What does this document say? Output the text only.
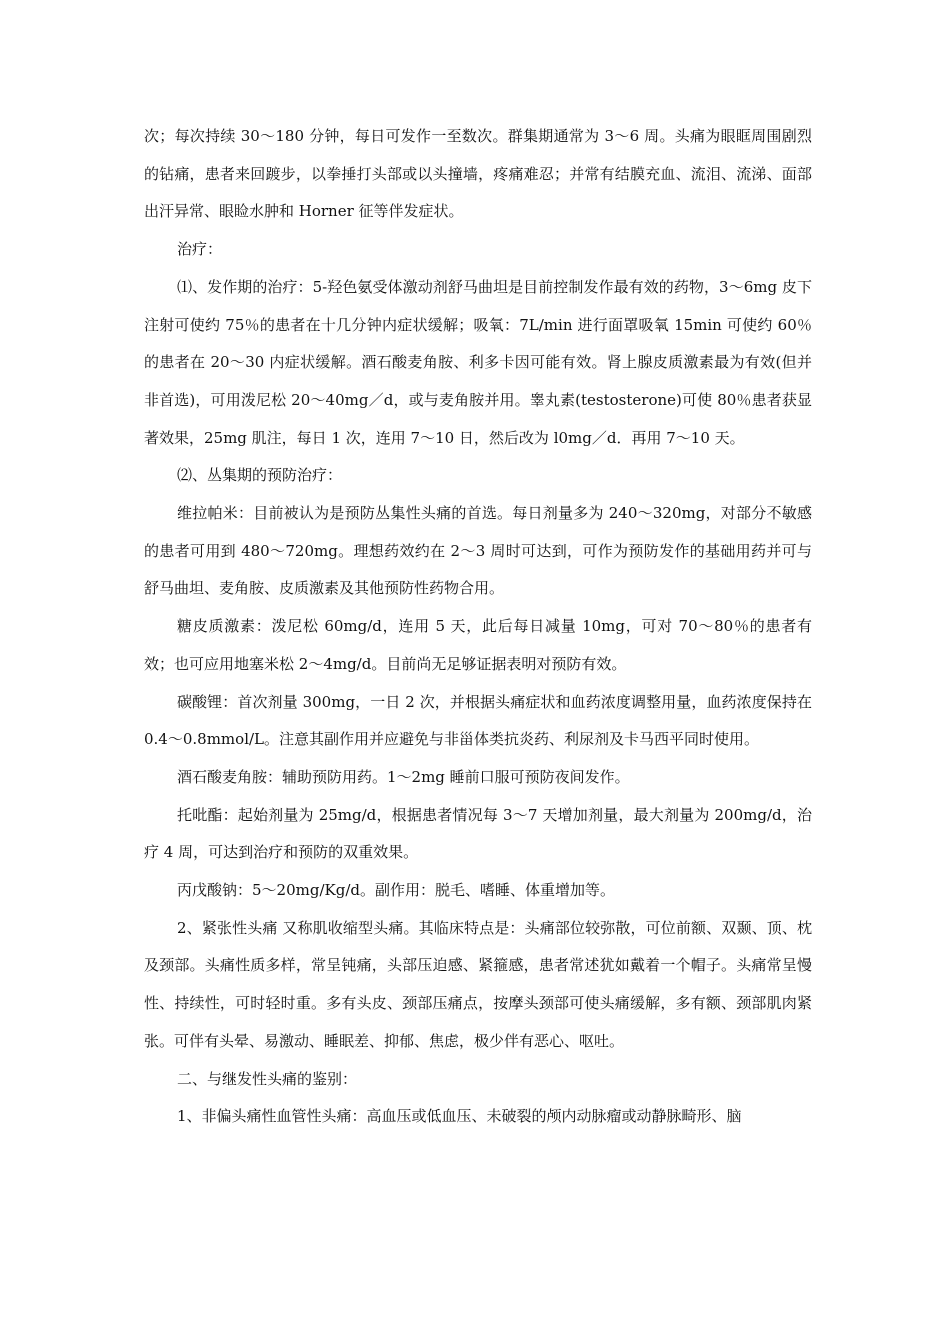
次；每次持续 30～180 分钟，每日可发作一至数次。群集期通常为 3～6 周。头痛为眼眶周围剧烈的钻痛，患者来回踱步，以拳捶打头部或以头撞墙，疼痛难忍；并常有结膜充血、流泪、流涕、面部出汗异常、眼睑水肿和 Horner 征等伴发症状。

治疗：

⑴、发作期的治疗：5-羟色氨受体激动剂舒马曲坦是目前控制发作最有效的药物，3～6mg 皮下注射可使约 75％的患者在十几分钟内症状缓解；吸氧：7L/min 进行面罩吸氧 15min 可使约 60％的患者在 20～30 内症状缓解。酒石酸麦角胺、利多卡因可能有效。肾上腺皮质激素最为有效(但并非首选)，可用泼尼松 20～40mg／d，或与麦角胺并用。睾丸素(testosterone)可使 80％患者获显著效果，25mg 肌注，每日 1 次，连用 7～10 日，然后改为 l0mg／d．再用 7～10 天。

⑵、丛集期的预防治疗：

维拉帕米：目前被认为是预防丛集性头痛的首选。每日剂量多为 240～320mg，对部分不敏感的患者可用到 480～720mg。理想药效约在 2～3 周时可达到，可作为预防发作的基础用药并可与舒马曲坦、麦角胺、皮质激素及其他预防性药物合用。

糖皮质激素：泼尼松 60mg/d，连用 5 天，此后每日减量 10mg，可对 70～80％的患者有效；也可应用地塞米松 2～4mg/d。目前尚无足够证据表明对预防有效。

碳酸锂：首次剂量 300mg，一日 2 次，并根据头痛症状和血药浓度调整用量，血药浓度保持在 0.4～0.8mmol/L。注意其副作用并应避免与非甾体类抗炎药、利尿剂及卡马西平同时使用。

酒石酸麦角胺：辅助预防用药。1～2mg 睡前口服可预防夜间发作。

托吡酯：起始剂量为 25mg/d，根据患者情况每 3～7 天增加剂量，最大剂量为 200mg/d，治疗 4 周，可达到治疗和预防的双重效果。

丙戊酸钠：5～20mg/Kg/d。副作用：脱毛、嗜睡、体重增加等。

2、紧张性头痛 又称肌收缩型头痛。其临床特点是：头痛部位较弥散，可位前额、双颞、顶、枕及颈部。头痛性质多样，常呈钝痛，头部压迫感、紧箍感，患者常述犹如戴着一个帽子。头痛常呈慢性、持续性，可时轻时重。多有头皮、颈部压痛点，按摩头颈部可使头痛缓解，多有额、颈部肌肉紧张。可伴有头晕、易激动、睡眠差、抑郁、焦虑，极少伴有恶心、呕吐。

二、与继发性头痛的鉴别：

1、非偏头痛性血管性头痛：高血压或低血压、未破裂的颅内动脉瘤或动静脉畸形、脑
